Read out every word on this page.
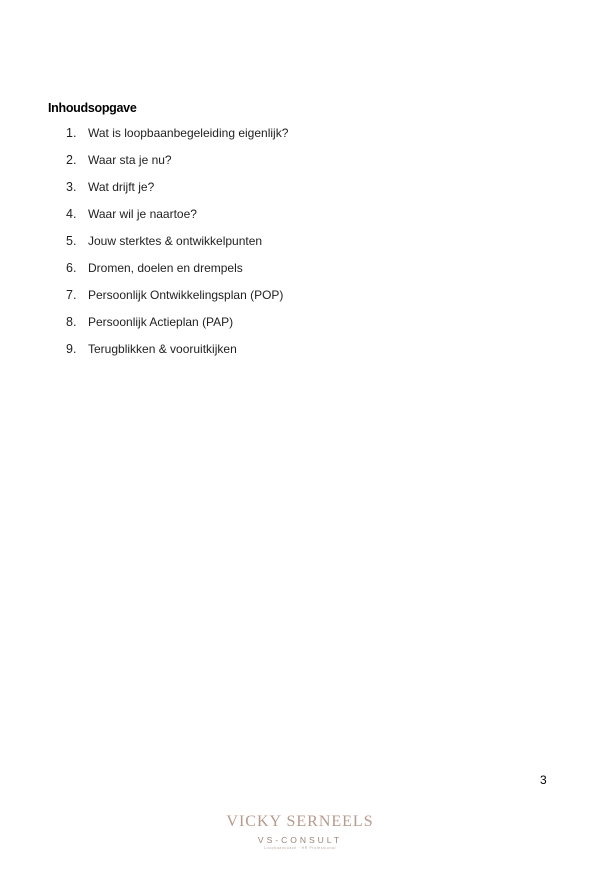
Inhoudsopgave
1. Wat is loopbaanbegeleiding eigenlijk?
2. Waar sta je nu?
3. Wat drijft je?
4. Waar wil je naartoe?
5. Jouw sterktes & ontwikkelpunten
6. Dromen, doelen en drempels
7. Persoonlijk Ontwikkelingsplan (POP)
8. Persoonlijk Actieplan (PAP)
9. Terugblikken & vooruitkijken
3
VICKY SERNEELS
VS-CONSULT
Loopbaancoach · HR Professional
